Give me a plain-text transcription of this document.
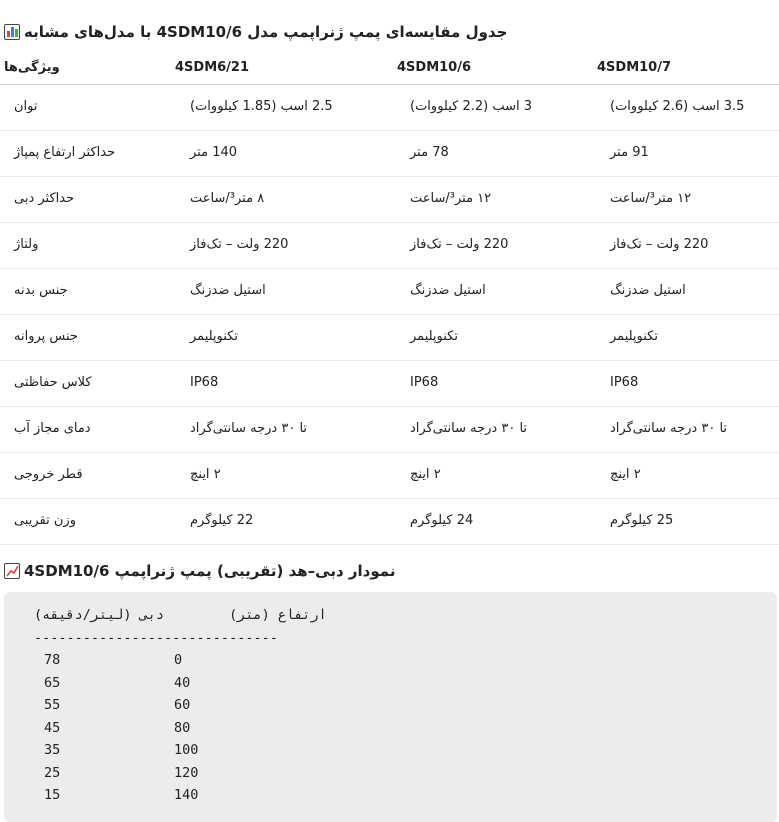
جدول مقایسه‌ای پمپ ژنراپمپ مدل 4SDM10/6 با مدل‌های مشابه
ویژگی‌ها	4SDM6/21	4SDM10/6	4SDM10/7

توان	2.5 اسب (1.85 کیلووات)	3 اسب (2.2 کیلووات)	3.5 اسب (2.6 کیلووات)

حداکثر ارتفاع پمپاژ	140 متر	78 متر	91 متر

حداکثر دبی	۸ متر³/ساعت	۱۲ متر³/ساعت	۱۲ متر³/ساعت

ولتاژ	220 ولت – تک‌فاز	220 ولت – تک‌فاز	220 ولت – تک‌فاز

جنس بدنه	استیل ضدزنگ	استیل ضدزنگ	استیل ضدزنگ

جنس پروانه	تکنوپلیمر	تکنوپلیمر	تکنوپلیمر

کلاس حفاظتی	IP68	IP68	IP68

دمای مجاز آب	تا ۳۰ درجه سانتی‌گراد	تا ۳۰ درجه سانتی‌گراد	تا ۳۰ درجه سانتی‌گراد

قطر خروجی	۲ اینچ	۲ اینچ	۲ اینچ

وزن تقریبی	22 کیلوگرم	24 کیلوگرم	25 کیلوگرم
نمودار دبی–هد (تقریبی) پمپ ژنراپمپ 4SDM10/6
ارتفاع (متر)        دبی (لیتر/دقیقه)
------------------------------
78              0
65              40
55              60
45              80
35              100
25              120
15              140
